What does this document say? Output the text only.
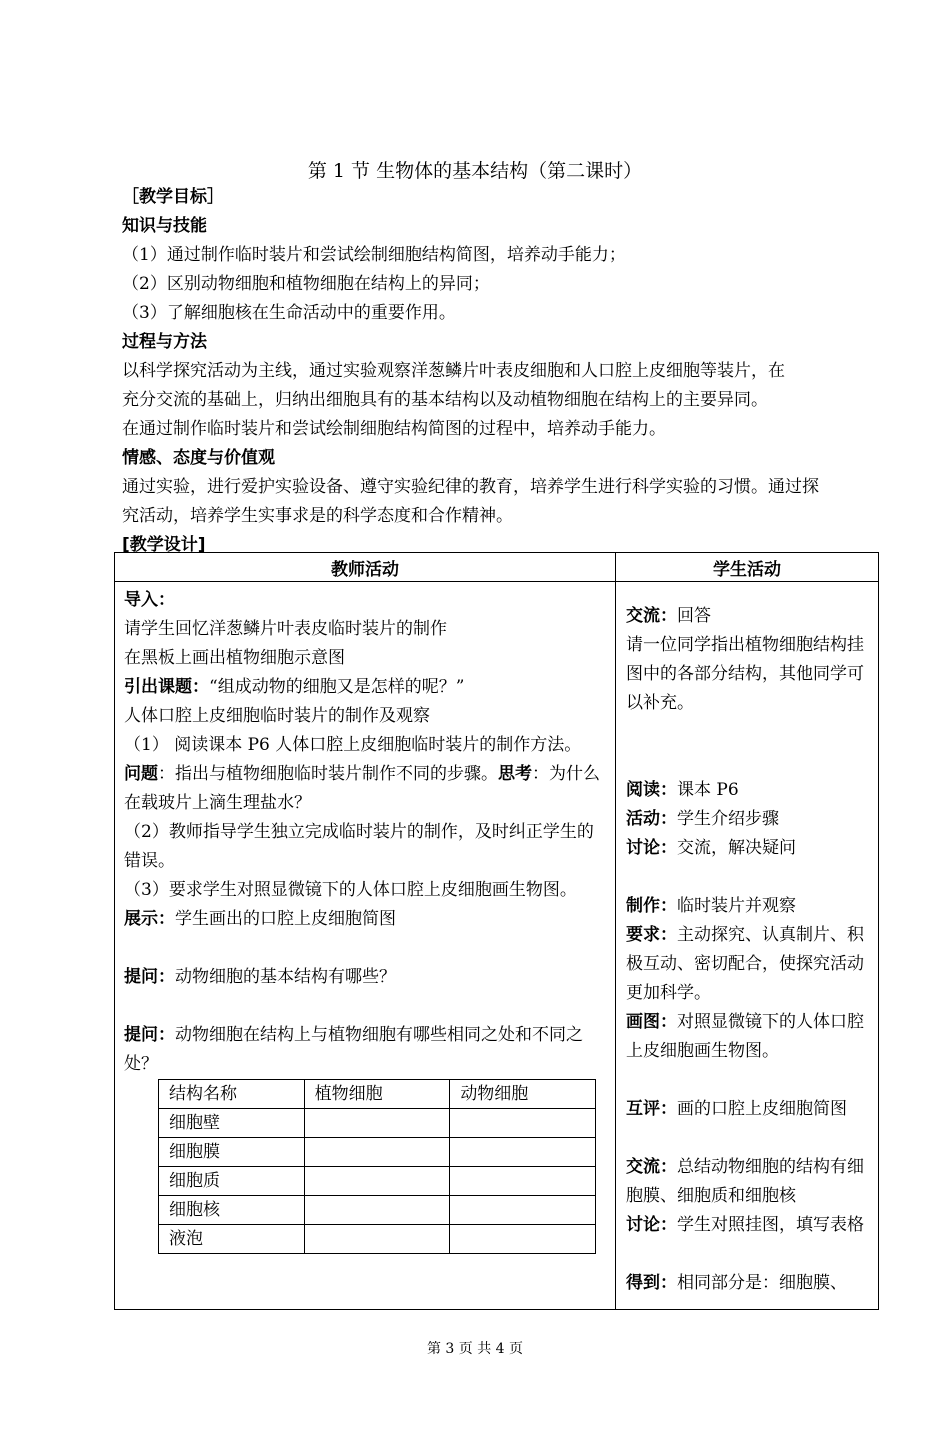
第 1 节 生物体的基本结构（第二课时）
［教学目标］
知识与技能
（1）通过制作临时装片和尝试绘制细胞结构简图，培养动手能力；
（2）区别动物细胞和植物细胞在结构上的异同；
（3）了解细胞核在生命活动中的重要作用。
过程与方法
以科学探究活动为主线，通过实验观察洋葱鳞片叶表皮细胞和人口腔上皮细胞等装片，在
充分交流的基础上，归纳出细胞具有的基本结构以及动植物细胞在结构上的主要异同。
在通过制作临时装片和尝试绘制细胞结构简图的过程中，培养动手能力。
情感、态度与价值观
通过实验，进行爱护实验设备、遵守实验纪律的教育，培养学生进行科学实验的习惯。通过探
究活动，培养学生实事求是的科学态度和合作精神。
[教学设计]
教师活动	学生活动

导入：
请学生回忆洋葱鳞片叶表皮临时装片的制作
在黑板上画出植物细胞示意图
引出课题：“组成动物的细胞又是怎样的呢？”
人体口腔上皮细胞临时装片的制作及观察
（1） 阅读课本 P6 人体口腔上皮细胞临时装片的制作方法。
问题：指出与植物细胞临时装片制作不同的步骤。思考：为什么在载玻片上滴生理盐水？
（2）教师指导学生独立完成临时装片的制作，及时纠正学生的错误。
（3）要求学生对照显微镜下的人体口腔上皮细胞画生物图。
展示：学生画出的口腔上皮细胞简图
提问：动物细胞的基本结构有哪些？
提问：动物细胞在结构上与植物细胞有哪些相同之处和不同之处？
结构名称	植物细胞	动物细胞
细胞壁		
细胞膜		
细胞质		
细胞核		
液泡		

交流：回答
请一位同学指出植物细胞结构挂图中的各部分结构，其他同学可以补充。
阅读：课本 P6
活动：学生介绍步骤
讨论：交流，解决疑问
制作：临时装片并观察
要求：主动探究、认真制片、积极互动、密切配合，使探究活动更加科学。
画图：对照显微镜下的人体口腔上皮细胞画生物图。
互评：画的口腔上皮细胞简图
交流：总结动物细胞的结构有细胞膜、细胞质和细胞核
讨论：学生对照挂图，填写表格
得到：相同部分是：细胞膜、
第 3 页 共 4 页
